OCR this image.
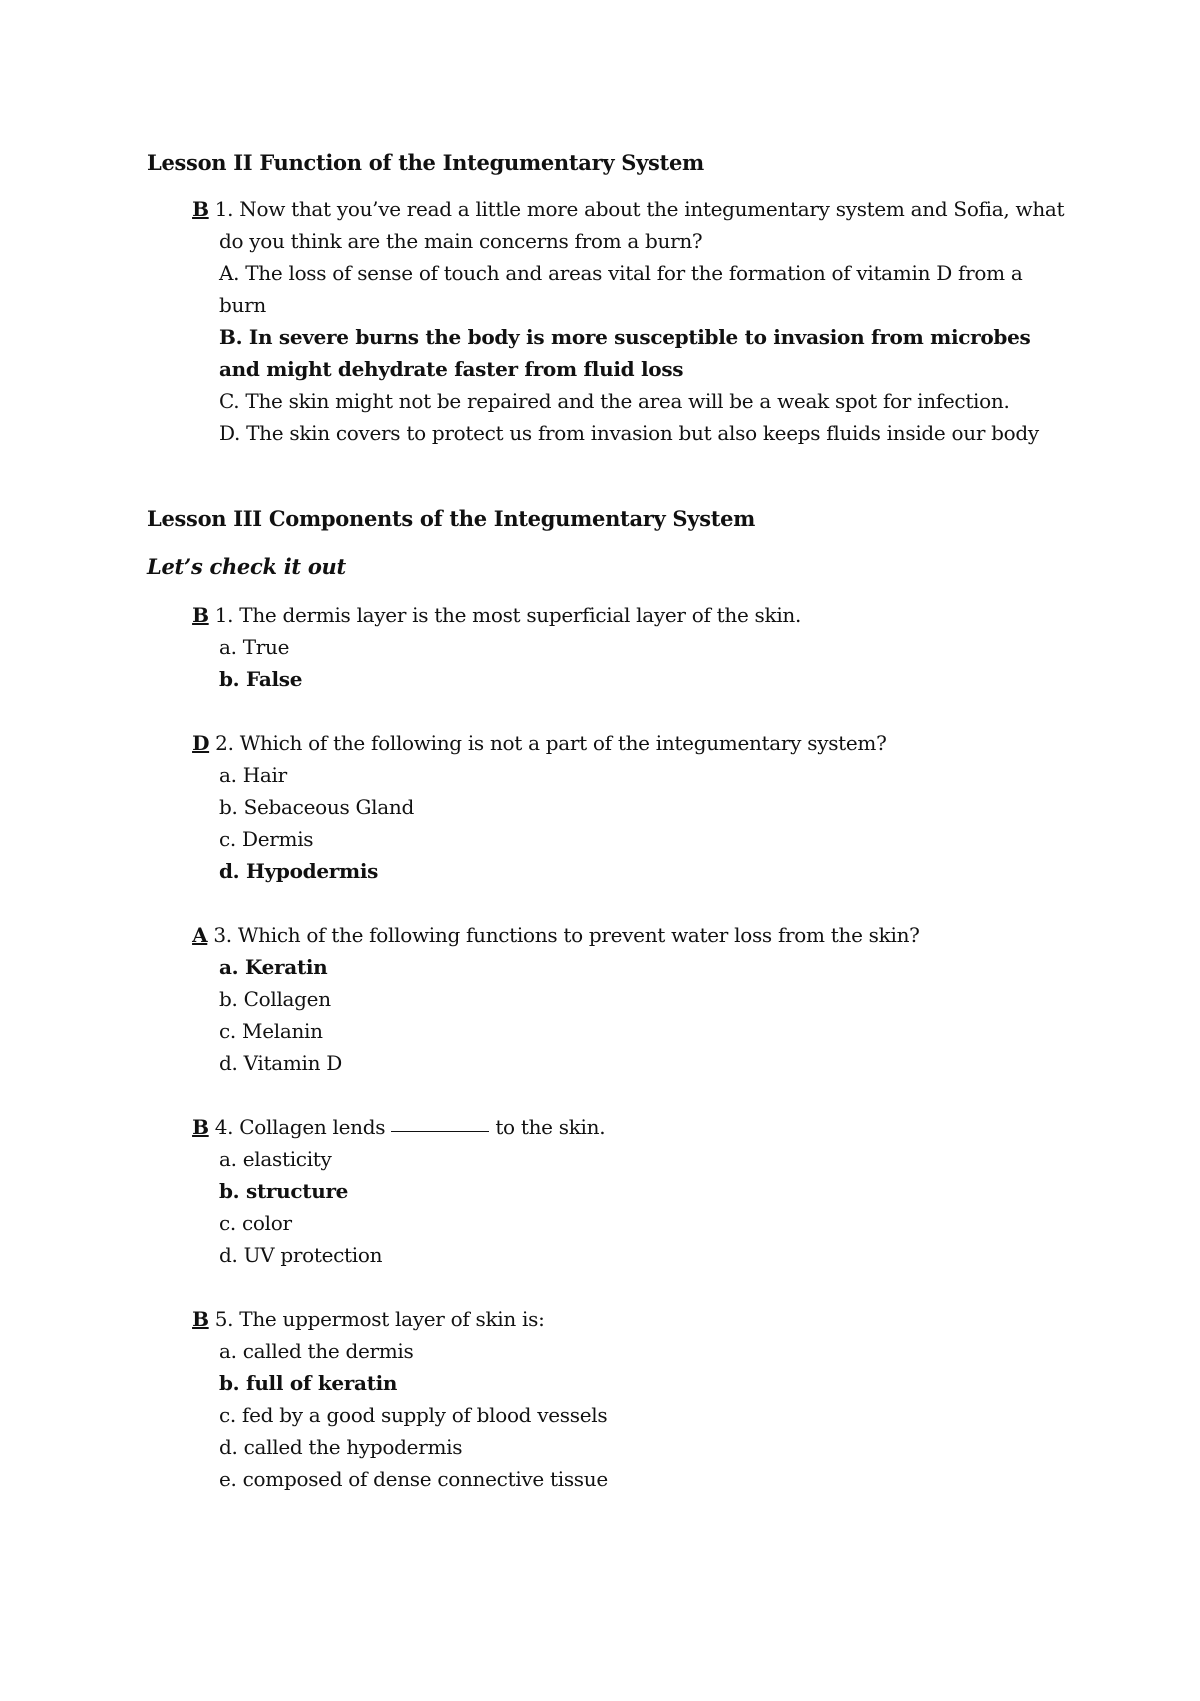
Lesson II Function of the Integumentary System
B 1. Now that you’ve read a little more about the integumentary system and Sofia, what
do you think are the main concerns from a burn?
A. The loss of sense of touch and areas vital for the formation of vitamin D from a burn
B. In severe burns the body is more susceptible to invasion from microbes and might dehydrate faster from fluid loss
C. The skin might not be repaired and the area will be a weak spot for infection.
D. The skin covers to protect us from invasion but also keeps fluids inside our body
Lesson III Components of the Integumentary System
Let’s check it out
B 1. The dermis layer is the most superficial layer of the skin.
a. True
b. False
D 2. Which of the following is not a part of the integumentary system?
a. Hair
b. Sebaceous Gland
c. Dermis
d. Hypodermis
A 3. Which of the following functions to prevent water loss from the skin?
a. Keratin
b. Collagen
c. Melanin
d. Vitamin D
B 4. Collagen lends	to the skin.
a. elasticity
b. structure
c. color
d. UV protection
B 5. The uppermost layer of skin is:
a. called the dermis
b. full of keratin
c. fed by a good supply of blood vessels
d. called the hypodermis
e. composed of dense connective tissue
